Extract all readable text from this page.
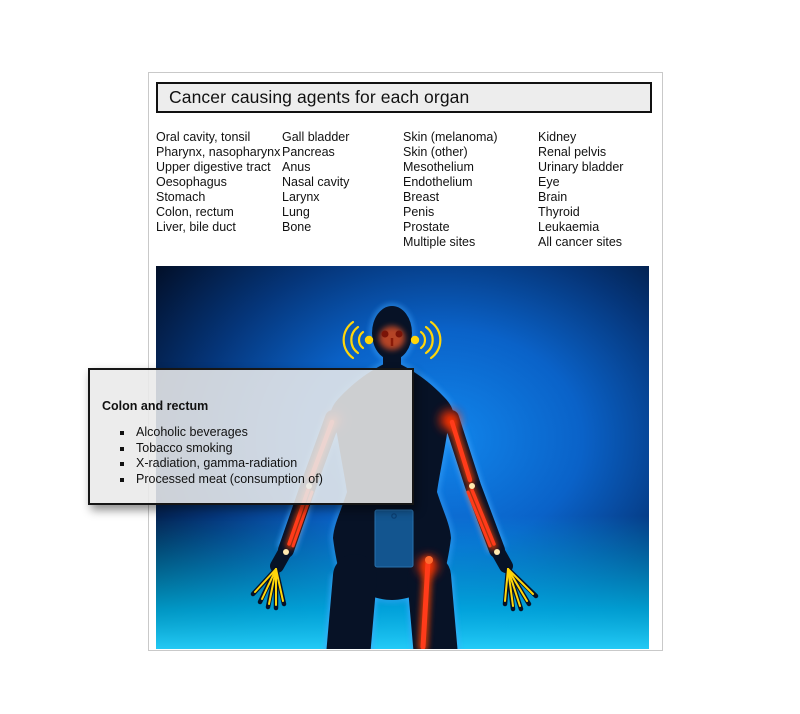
Cancer causing agents for each organ
Oral cavity, tonsil
Pharynx, nasopharynx
Upper digestive tract
Oesophagus
Stomach
Colon, rectum
Liver, bile duct
Gall bladder
Pancreas
Anus
Nasal cavity
Larynx
Lung
Bone
Skin (melanoma)
Skin (other)
Mesothelium
Endothelium
Breast
Penis
Prostate
Multiple sites
Kidney
Renal pelvis
Urinary bladder
Eye
Brain
Thyroid
Leukaemia
All cancer sites
Colon and rectum
▪ Alcoholic beverages
▪ Tobacco smoking
▪ X-radiation, gamma-radiation
▪ Processed meat (consumption of)
